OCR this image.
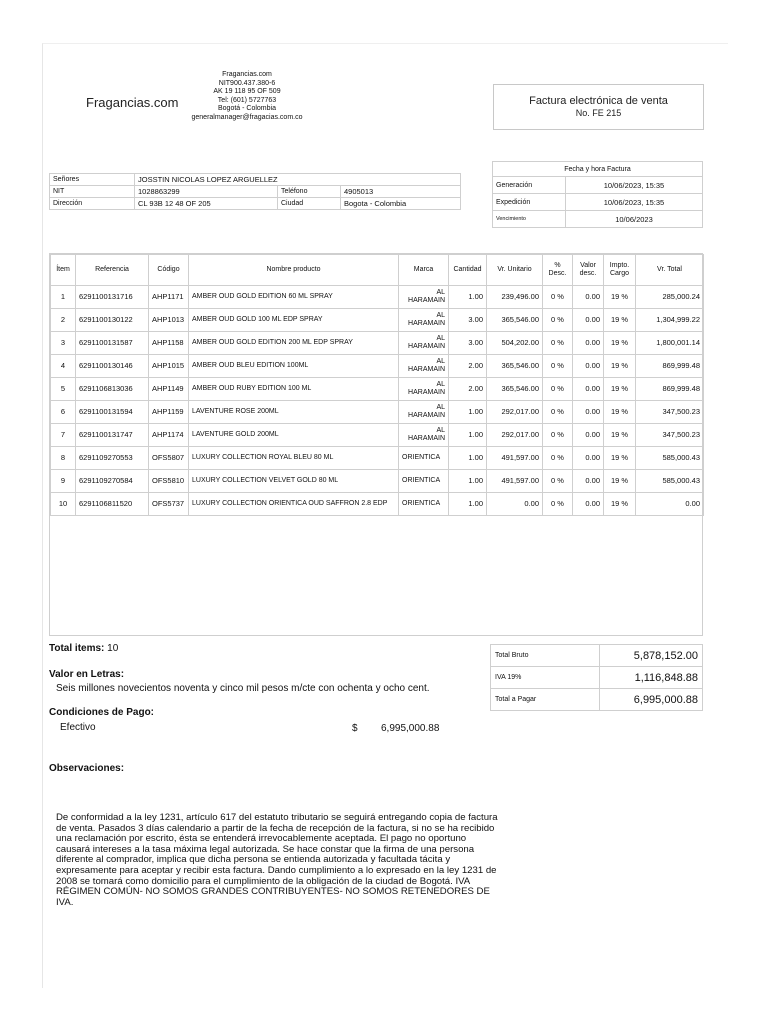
Fragancias.com
Fragancias.com
NIT900.437.380-6
AK 19 118 95 OF 509
Tel: (601) 5727763
Bogotá - Colombia
generalmanager@fragacias.com.co
Factura electrónica de venta
No. FE 215
Señores	JOSSTIN NICOLAS LOPEZ ARGUELLEZ		
NIT	1028863299	Teléfono	4905013
Dirección	CL 93B 12 48 OF 205	Ciudad	Bogota - Colombia
Fecha y hora Factura	
Generación	10/06/2023, 15:35
Expedición	10/06/2023, 15:35
Vencimiento	10/06/2023
Ítem	Referencia	Código	Nombre producto	Marca	Cantidad	Vr. Unitario	% Desc.	Valor desc.	Impto. Cargo	Vr. Total
1	6291100131716	AHP1171	AMBER OUD GOLD EDITION 60 ML SPRAY	AL HARAMAIN	1.00	239,496.00	0 %	0.00	19 %	285,000.24
2	6291100130122	AHP1013	AMBER OUD GOLD 100 ML EDP SPRAY	AL HARAMAIN	3.00	365,546.00	0 %	0.00	19 %	1,304,999.22
3	6291100131587	AHP1158	AMBER OUD GOLD EDITION 200 ML EDP SPRAY	AL HARAMAIN	3.00	504,202.00	0 %	0.00	19 %	1,800,001.14
4	6291100130146	AHP1015	AMBER OUD BLEU EDITION 100ML	AL HARAMAIN	2.00	365,546.00	0 %	0.00	19 %	869,999.48
5	6291106813036	AHP1149	AMBER OUD RUBY EDITION 100 ML	AL HARAMAIN	2.00	365,546.00	0 %	0.00	19 %	869,999.48
6	6291100131594	AHP1159	LAVENTURE ROSE 200ML	AL HARAMAIN	1.00	292,017.00	0 %	0.00	19 %	347,500.23
7	6291100131747	AHP1174	LAVENTURE GOLD 200ML	AL HARAMAIN	1.00	292,017.00	0 %	0.00	19 %	347,500.23
8	6291109270553	OFS5807	LUXURY COLLECTION ROYAL BLEU 80 ML	ORIENTICA	1.00	491,597.00	0 %	0.00	19 %	585,000.43
9	6291109270584	OFS5810	LUXURY COLLECTION VELVET GOLD 80 ML	ORIENTICA	1.00	491,597.00	0 %	0.00	19 %	585,000.43
10	6291106811520	OFS5737	LUXURY COLLECTION ORIENTICA OUD SAFFRON 2.8 EDP	ORIENTICA	1.00	0.00	0 %	0.00	19 %	0.00
Total items: 10
Valor en Letras:
Seis millones novecientos noventa y cinco mil pesos m/cte con ochenta y ocho cent.
Condiciones de Pago:
Efectivo	$ 6,995,000.88
Total Bruto	5,878,152.00
IVA 19%	1,116,848.88
Total a Pagar	6,995,000.88
Observaciones:
De conformidad a la ley 1231, artículo 617 del estatuto tributario se seguirá entregando copia de factura de venta. Pasados 3 días calendario a partir de la fecha de recepción de la factura, si no se ha recibido una reclamación por escrito, ésta se entenderá irrevocablemente aceptada. El pago no oportuno causará intereses a la tasa máxima legal autorizada. Se hace constar que la firma de una persona diferente al comprador, implica que dicha persona se entienda autorizada y facultada tácita y expresamente para aceptar y recibir esta factura. Dando cumplimiento a lo expresado en la ley 1231 de 2008 se tomará como domicilio para el cumplimiento de la obligación de la ciudad de Bogotá. IVA RÉGIMEN COMÚN- NO SOMOS GRANDES CONTRIBUYENTES- NO SOMOS RETENEDORES DE IVA.
